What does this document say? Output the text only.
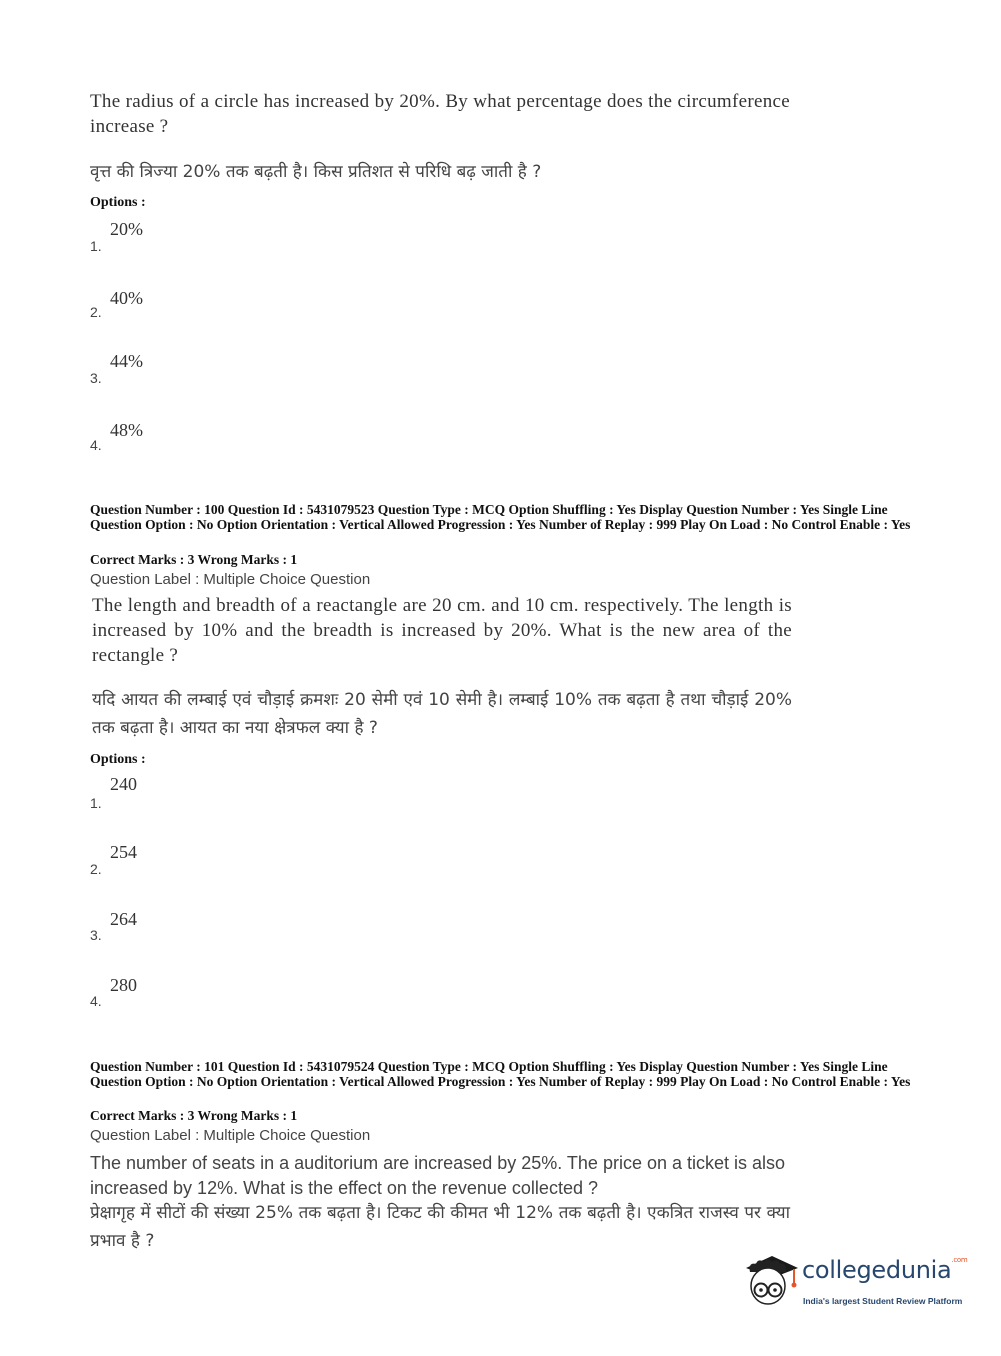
The radius of a circle has increased by 20%. By what percentage does the circumference increase ?
वृत्त की त्रिज्या 20% तक बढ़ती है। किस प्रतिशत से परिधि बढ़ जाती है ?
Options :
20%
1.
40%
2.
44%
3.
48%
4.
Question Number : 100 Question Id : 5431079523 Question Type : MCQ Option Shuffling : Yes Display Question Number : Yes Single Line Question Option : No Option Orientation : Vertical Allowed Progression : Yes Number of Replay : 999 Play On Load : No Control Enable : Yes
Correct Marks : 3 Wrong Marks : 1
Question Label : Multiple Choice Question
The length and breadth of a reactangle are 20 cm. and 10 cm. respectively. The length is increased by 10% and the breadth is increased by 20%. What is the new area of the rectangle ?
यदि आयत की लम्बाई एवं चौड़ाई क्रमशः 20 सेमी एवं 10 सेमी है। लम्बाई 10% तक बढ़ता है तथा चौड़ाई 20% तक बढ़ता है। आयत का नया क्षेत्रफल क्या है ?
Options :
240
1.
254
2.
264
3.
280
4.
Question Number : 101 Question Id : 5431079524 Question Type : MCQ Option Shuffling : Yes Display Question Number : Yes Single Line Question Option : No Option Orientation : Vertical Allowed Progression : Yes Number of Replay : 999 Play On Load : No Control Enable : Yes
Correct Marks : 3 Wrong Marks : 1
Question Label : Multiple Choice Question
The number of seats in a auditorium are increased by 25%. The price on a ticket is also increased by 12%. What is the effect on the revenue collected ?
प्रेक्षागृह में सीटों की संख्या 25% तक बढ़ता है। टिकट की कीमत भी 12% तक बढ़ती है। एकत्रित राजस्व पर क्या प्रभाव है ?
collegedunia$^{.com}$
India's largest Student Review Platform
